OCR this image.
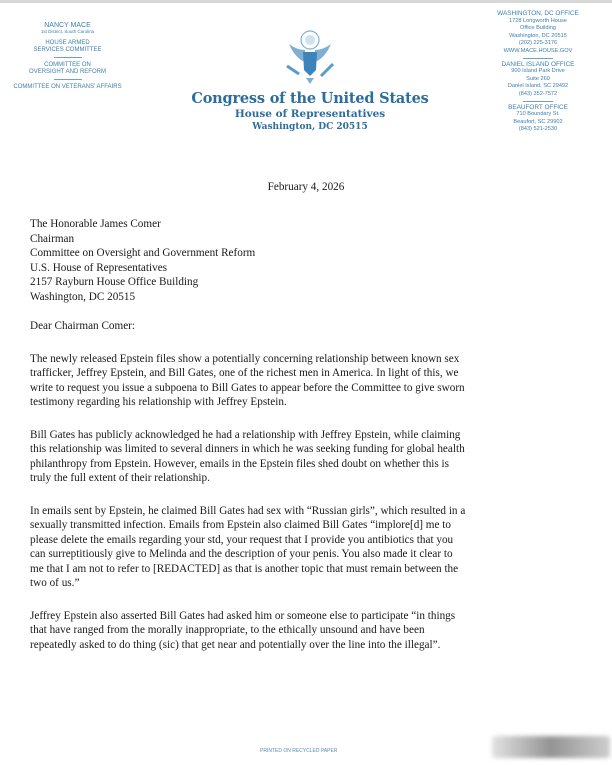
NANCY MACE
1st District, South Carolina
HOUSE ARMED SERVICES COMMITTEE
COMMITTEE ON OVERSIGHT AND REFORM
COMMITTEE ON VETERANS' AFFAIRS
Congress of the United States
House of Representatives
Washington, DC 20515
WASHINGTON, DC OFFICE
1728 Longworth House
Office Building
Washington, DC 20515
(202) 225-3176
WWW.MACE.HOUSE.GOV
DANIEL ISLAND OFFICE
900 Island Park Drive
Suite 260
Daniel Island, SC 29492
(843) 352-7572
BEAUFORT OFFICE
710 Boundary St.
Beaufort, SC 29902
(843) 521-2530
February 4, 2026
The Honorable James Comer
Chairman
Committee on Oversight and Government Reform
U.S. House of Representatives
2157 Rayburn House Office Building
Washington, DC 20515
Dear Chairman Comer:

The newly released Epstein files show a potentially concerning relationship between known sex
trafficker, Jeffrey Epstein, and Bill Gates, one of the richest men in America. In light of this, we
write to request you issue a subpoena to Bill Gates to appear before the Committee to give sworn
testimony regarding his relationship with Jeffrey Epstein.

Bill Gates has publicly acknowledged he had a relationship with Jeffrey Epstein, while claiming
this relationship was limited to several dinners in which he was seeking funding for global health
philanthropy from Epstein. However, emails in the Epstein files shed doubt on whether this is
truly the full extent of their relationship.

In emails sent by Epstein, he claimed Bill Gates had sex with “Russian girls”, which resulted in a
sexually transmitted infection. Emails from Epstein also claimed Bill Gates “implore[d] me to
please delete the emails regarding your std, your request that I provide you antibiotics that you
can surreptitiously give to Melinda and the description of your penis. You also made it clear to
me that I am not to refer to [REDACTED] as that is another topic that must remain between the
two of us.”

Jeffrey Epstein also asserted Bill Gates had asked him or someone else to participate “in things
that have ranged from the morally inappropriate, to the ethically unsound and have been
repeatedly asked to do thing (sic) that get near and potentially over the line into the illegal”.

PRINTED ON RECYCLED PAPER
